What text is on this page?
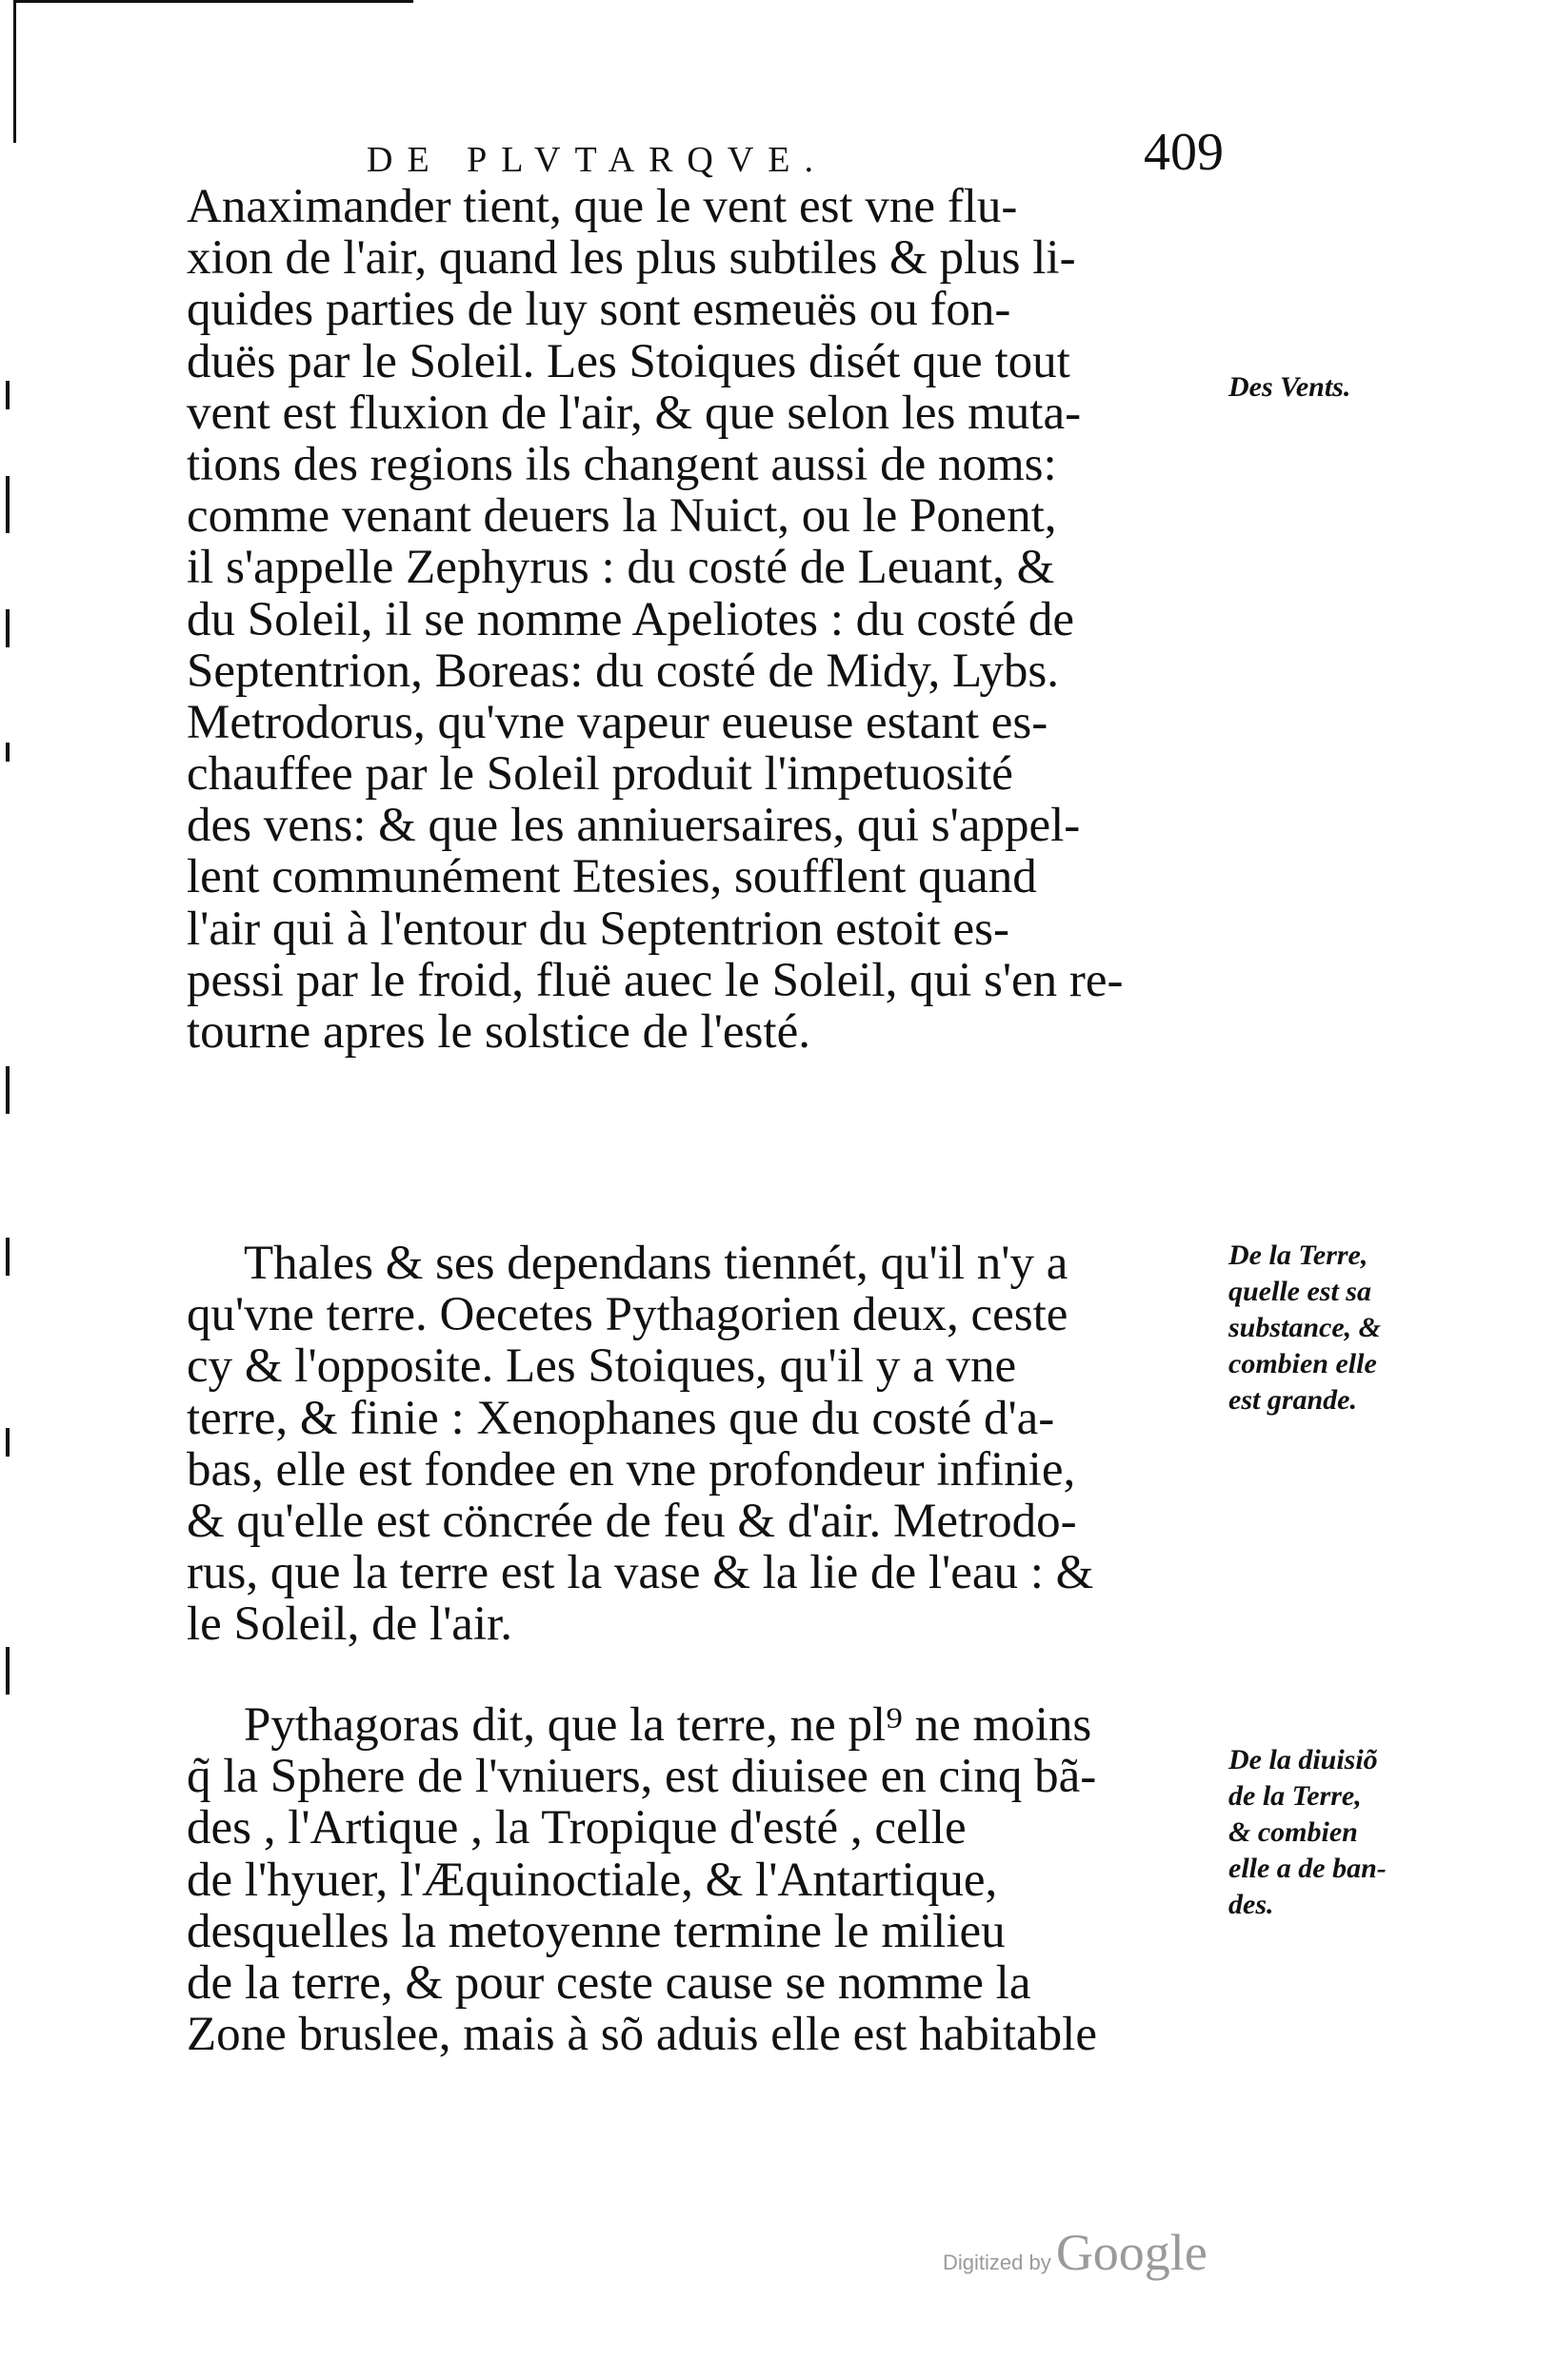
DE PLVTARQVE.	409
Anaximander tient, que le vent est vne flu-
xion de l'air, quand les plus subtiles & plus li-
quides parties de luy sont esmeuës ou fon-
duës par le Soleil. Les Stoiques disét que tout
vent est fluxion de l'air, & que selon les muta-
tions des regions ils changent aussi de noms:
comme venant deuers la Nuict, ou le Ponent,
il s'appelle Zephyrus : du costé de Leuant, &
du Soleil, il se nomme Apeliotes : du costé de
Septentrion, Boreas: du costé de Midy, Lybs.
Metrodorus, qu'vne vapeur eueuse estant es-
chauffee par le Soleil produit l'impetuosité
des vens: & que les anniuersaires, qui s'appel-
lent communément Etesies, soufflent quand
l'air qui à l'entour du Septentrion estoit es-
pessi par le froid, fluë auec le Soleil, qui s'en re-
tourne apres le solstice de l'esté.
Thales & ses dependans tiennét, qu'il n'y a
qu'vne terre. Oecetes Pythagorien deux, ceste
cy & l'opposite. Les Stoiques, qu'il y a vne
terre, & finie : Xenophanes que du costé d'a-
bas, elle est fondee en vne profondeur infinie,
& qu'elle est cöncrée de feu & d'air. Metrodo-
rus, que la terre est la vase & la lie de l'eau : &
le Soleil, de l'air.
Pythagoras dit, que la terre, ne pl⁹ ne moins
q̃ la Sphere de l'vniuers, est diuisee en cinq bã-
des , l'Artique , la Tropique d'esté , celle
de l'hyuer, l'Æquinoctiale, & l'Antartique,
desquelles la metoyenne termine le milieu
de la terre, & pour ceste cause se nomme la
Zone bruslee, mais à sõ aduis elle est habitable
Des Vents.
De la Terre,
quelle est sa
substance, &
combien elle
est grande.
De la diuisiõ
de la Terre,
& combien
elle a de ban-
des.
Digitized by Google
